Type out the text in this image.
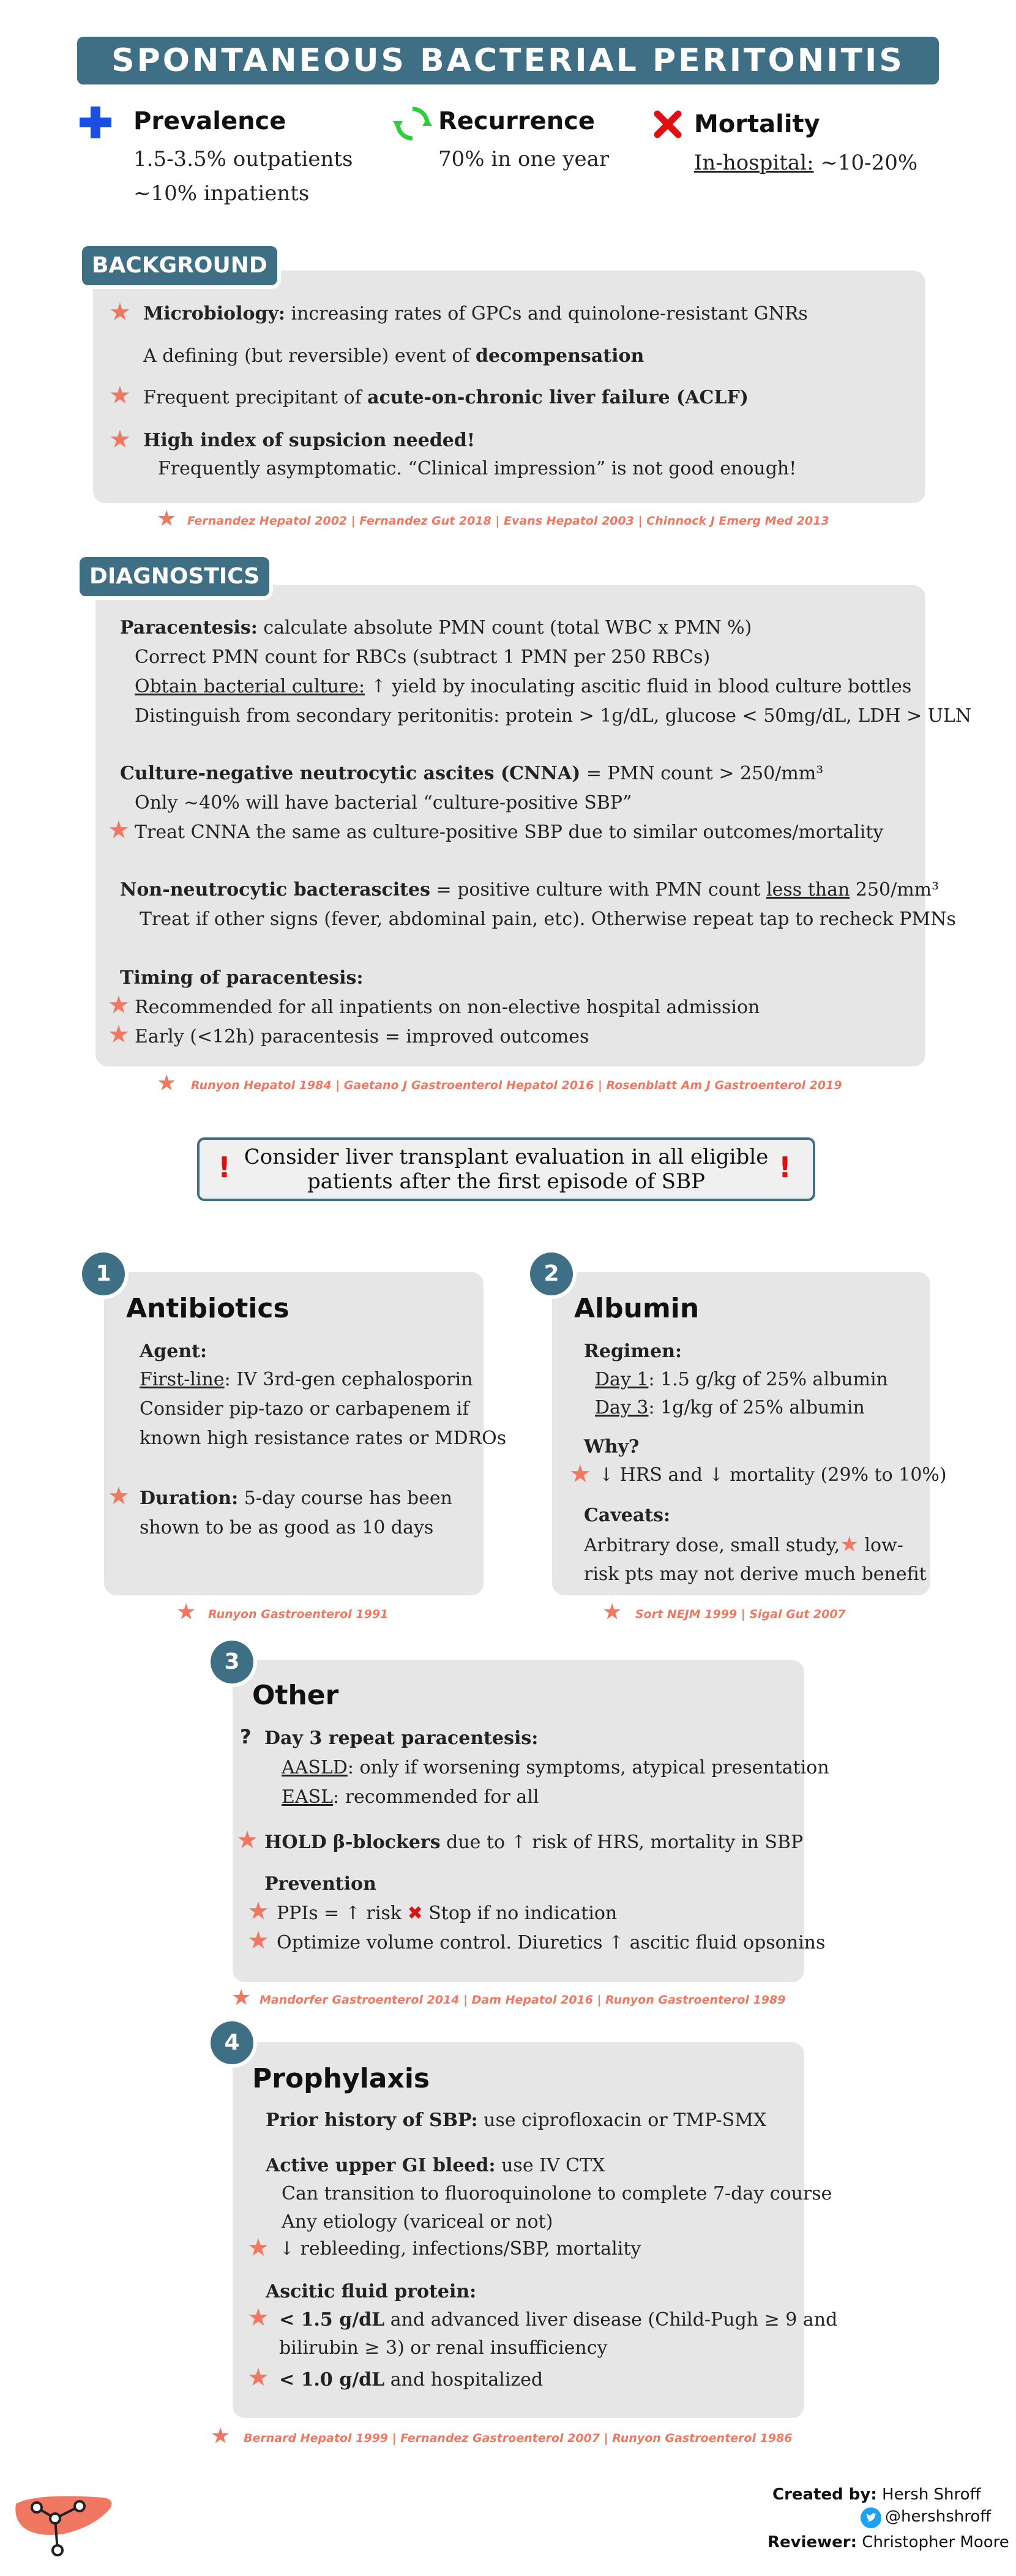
SPONTANEOUS BACTERIAL PERITONITIS
Prevalence
1.5-3.5% outpatients
~10% inpatients
Recurrence
70% in one year
Mortality
In-hospital: ~10-20%
BACKGROUND
★ Microbiology: increasing rates of GPCs and quinolone-resistant GNRs
A defining (but reversible) event of decompensation
★ Frequent precipitant of acute-on-chronic liver failure (ACLF)
★ High index of supsicion needed!
Frequently asymptomatic. “Clinical impression” is not good enough!
★ Fernandez Hepatol 2002 | Fernandez Gut 2018 | Evans Hepatol 2003 | Chinnock J Emerg Med 2013
DIAGNOSTICS
Paracentesis: calculate absolute PMN count (total WBC x PMN %)
Correct PMN count for RBCs (subtract 1 PMN per 250 RBCs)
Obtain bacterial culture: ↑ yield by inoculating ascitic fluid in blood culture bottles
Distinguish from secondary peritonitis: protein > 1g/dL, glucose < 50mg/dL, LDH > ULN
Culture-negative neutrocytic ascites (CNNA) = PMN count > 250/mm³
Only ~40% will have bacterial “culture-positive SBP”
★ Treat CNNA the same as culture-positive SBP due to similar outcomes/mortality
Non-neutrocytic bacterascites = positive culture with PMN count less than 250/mm³
Treat if other signs (fever, abdominal pain, etc). Otherwise repeat tap to recheck PMNs
Timing of paracentesis:
★ Recommended for all inpatients on non-elective hospital admission
★ Early (<12h) paracentesis = improved outcomes
★ Runyon Hepatol 1984 | Gaetano J Gastroenterol Hepatol 2016 | Rosenblatt Am J Gastroenterol 2019
!	!
Consider liver transplant evaluation in all eligible
patients after the first episode of SBP
1
Antibiotics
Agent:
First-line: IV 3rd-gen cephalosporin
Consider pip-tazo or carbapenem if
known high resistance rates or MDROs
★ Duration: 5-day course has been
shown to be as good as 10 days
★ Runyon Gastroenterol 1991
2
Albumin
Regimen:
Day 1: 1.5 g/kg of 25% albumin
Day 3: 1g/kg of 25% albumin
Why?
★ ↓ HRS and ↓ mortality (29% to 10%)
Caveats:
Arbitrary dose, small study,★ low-
risk pts may not derive much benefit
★ Sort NEJM 1999 | Sigal Gut 2007
3
Other
? Day 3 repeat paracentesis:
AASLD: only if worsening symptoms, atypical presentation
EASL: recommended for all
★ HOLD β-blockers due to ↑ risk of HRS, mortality in SBP
Prevention
★ PPIs = ↑ risk ✖ Stop if no indication
★ Optimize volume control. Diuretics ↑ ascitic fluid opsonins
★ Mandorfer Gastroenterol 2014 | Dam Hepatol 2016 | Runyon Gastroenterol 1989
4
Prophylaxis
Prior history of SBP: use ciprofloxacin or TMP-SMX
Active upper GI bleed: use IV CTX
Can transition to fluoroquinolone to complete 7-day course
Any etiology (variceal or not)
★ ↓ rebleeding, infections/SBP, mortality
Ascitic fluid protein:
★ < 1.5 g/dL and advanced liver disease (Child-Pugh ≥ 9 and
bilirubin ≥ 3) or renal insufficiency
★ < 1.0 g/dL and hospitalized
★ Bernard Hepatol 1999 | Fernandez Gastroenterol 2007 | Runyon Gastroenterol 1986
Created by: Hersh Shroff
@hershshroff
Reviewer: Christopher Moore
